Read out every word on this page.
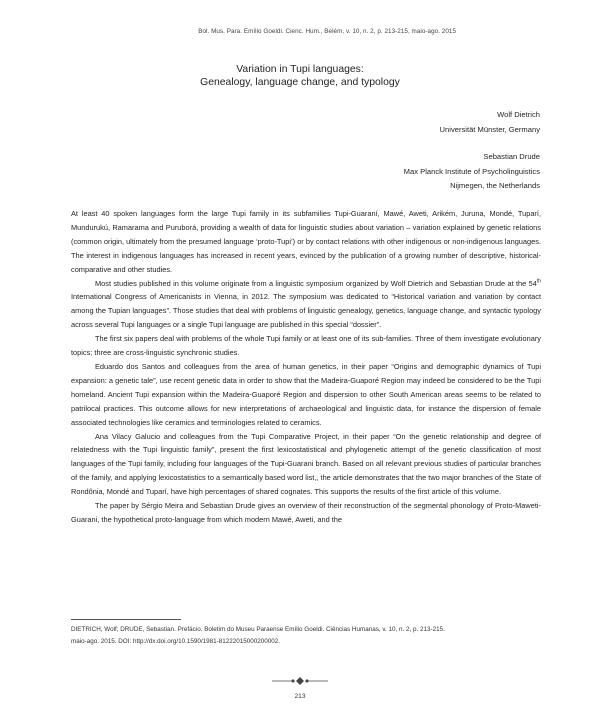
Bol. Mus. Para. Emílio Goeldi. Cienc. Hum., Belém, v. 10, n. 2, p. 213-215, maio-ago. 2015
Variation in Tupi languages:
Genealogy, language change, and typology
Wolf Dietrich
Universität Münster, Germany
Sebastian Drude
Max Planck Institute of Psycholinguistics
Nijmegen, the Netherlands

At least 40 spoken languages form the large Tupi family in its subfamilies Tupi-Guaraní, Mawé, Aweti, Arikém, Juruna, Mondé, Tuparí, Mundurukú, Ramarama and Puruborá, providing a wealth of data for linguistic studies about variation – variation explained by genetic relations (common origin, ultimately from the presumed language ‘proto-Tupi’) or by contact relations with other indigenous or non-indigenous languages. The interest in indigenous languages has increased in recent years, evinced by the publication of a growing number of descriptive, historical-comparative and other studies.

Most studies published in this volume originate from a linguistic symposium organized by Wolf Dietrich and Sebastian Drude at the 54th International Congress of Americanists in Vienna, in 2012. The symposium was dedicated to “Historical variation and variation by contact among the Tupian languages”. Those studies that deal with problems of linguistic genealogy, genetics, language change, and syntactic typology across several Tupi languages or a single Tupi language are published in this special “dossier”.

The first six papers deal with problems of the whole Tupi family or at least one of its sub-families. Three of them investigate evolutionary topics; three are cross-linguistic synchronic studies.

Eduardo dos Santos and colleagues from the area of human genetics, in their paper “Origins and demographic dynamics of Tupi expansion: a genetic tale”, use recent genetic data in order to show that the Madeira-Guaporé Region may indeed be considered to be the Tupi homeland. Ancient Tupi expansion within the Madeira-Guaporé Region and dispersion to other South American areas seems to be related to patrilocal practices. This outcome allows for new interpretations of archaeological and linguistic data, for instance the dispersion of female associated technologies like ceramics and terminologies related to ceramics.

Ana Vilacy Galucio and colleagues from the Tupi Comparative Project, in their paper “On the genetic relationship and degree of relatedness with the Tupi linguistic family”, present the first lexicostatistical and phylogenetic attempt of the genetic classification of most languages of the Tupi family, including four languages of the Tupi-Guarani branch. Based on all relevant previous studies of particular branches of the family, and applying lexicostatistics to a semantically based word list,, the article demonstrates that the two major branches of the State of Rondônia, Mondé and Tuparí, have high percentages of shared cognates. This supports the results of the first article of this volume.

The paper by Sérgio Meira and Sebastian Drude gives an overview of their reconstruction of the segmental phonology of Proto-Maweti-Guarani, the hypothetical proto-language from which modern Mawé, Aweti, and the

DIETRICH, Wolf; DRUDE, Sebastian. Prefácio. Boletim do Museu Paraense Emílio Goeldi. Ciências Humanas, v. 10, n. 2, p. 213-215.
maio-ago. 2015. DOI: http://dx.doi.org/10.1590/1981-81222015000200002.
213
